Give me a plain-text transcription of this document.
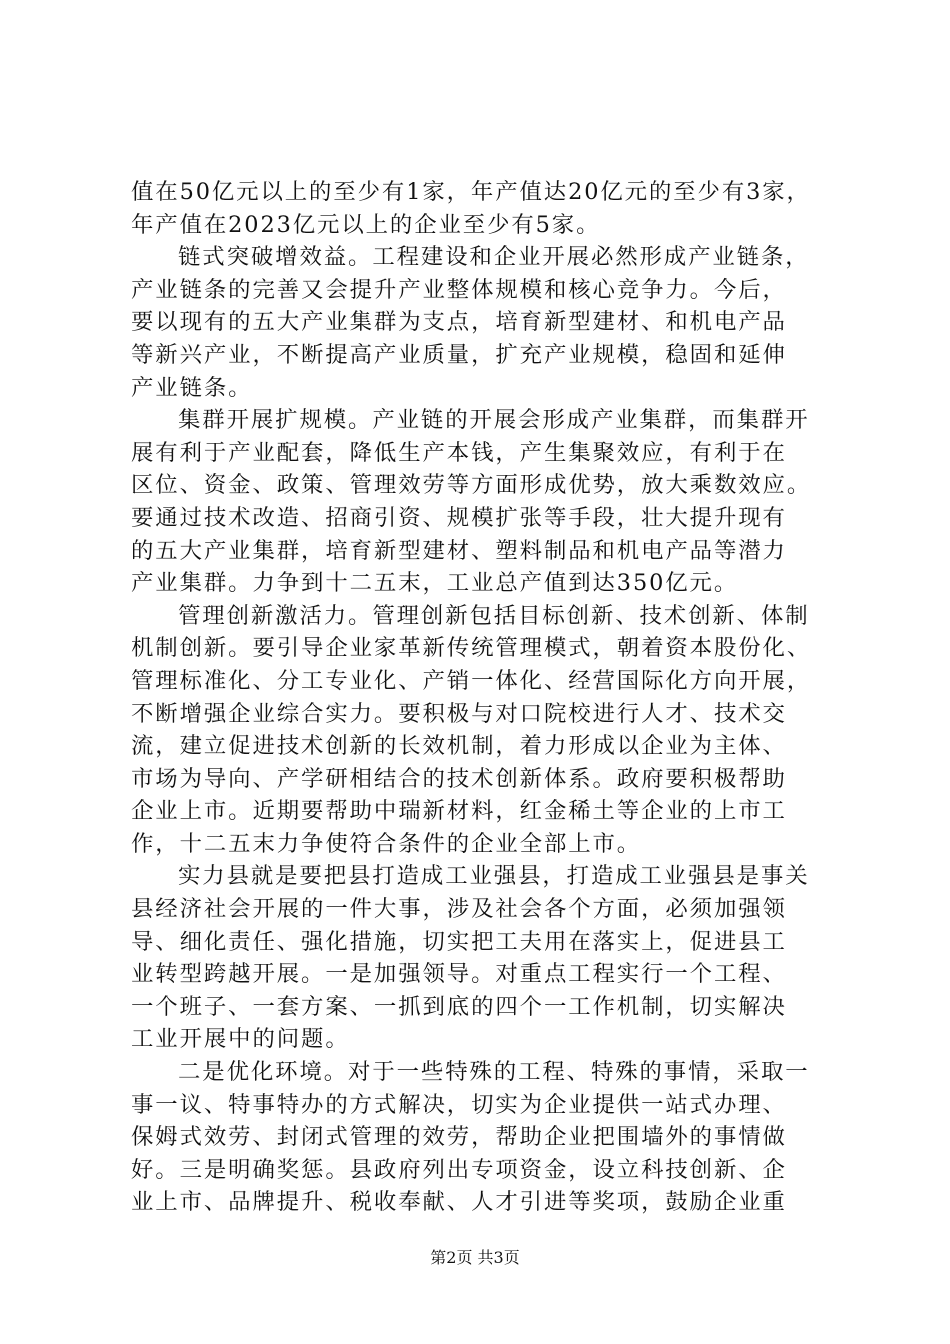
值在50亿元以上的至少有1家，年产值达20亿元的至少有3家，
年产值在2023亿元以上的企业至少有5家。
链式突破增效益。工程建设和企业开展必然形成产业链条，
产业链条的完善又会提升产业整体规模和核心竞争力。今后，
要以现有的五大产业集群为支点，培育新型建材、和机电产品
等新兴产业，不断提高产业质量，扩充产业规模，稳固和延伸
产业链条。
集群开展扩规模。产业链的开展会形成产业集群，而集群开
展有利于产业配套，降低生产本钱，产生集聚效应，有利于在
区位、资金、政策、管理效劳等方面形成优势，放大乘数效应。
要通过技术改造、招商引资、规模扩张等手段，壮大提升现有
的五大产业集群，培育新型建材、塑料制品和机电产品等潜力
产业集群。力争到十二五末，工业总产值到达350亿元。
管理创新激活力。管理创新包括目标创新、技术创新、体制
机制创新。要引导企业家革新传统管理模式，朝着资本股份化、
管理标准化、分工专业化、产销一体化、经营国际化方向开展，
不断增强企业综合实力。要积极与对口院校进行人才、技术交
流，建立促进技术创新的长效机制，着力形成以企业为主体、
市场为导向、产学研相结合的技术创新体系。政府要积极帮助
企业上市。近期要帮助中瑞新材料，红金稀土等企业的上市工
作，十二五末力争使符合条件的企业全部上市。
实力县就是要把县打造成工业强县，打造成工业强县是事关
县经济社会开展的一件大事，涉及社会各个方面，必须加强领
导、细化责任、强化措施，切实把工夫用在落实上，促进县工
业转型跨越开展。一是加强领导。对重点工程实行一个工程、
一个班子、一套方案、一抓到底的四个一工作机制，切实解决
工业开展中的问题。
二是优化环境。对于一些特殊的工程、特殊的事情，采取一
事一议、特事特办的方式解决，切实为企业提供一站式办理、
保姆式效劳、封闭式管理的效劳，帮助企业把围墙外的事情做
好。三是明确奖惩。县政府列出专项资金，设立科技创新、企
业上市、品牌提升、税收奉献、人才引进等奖项，鼓励企业重
第2页 共3页
